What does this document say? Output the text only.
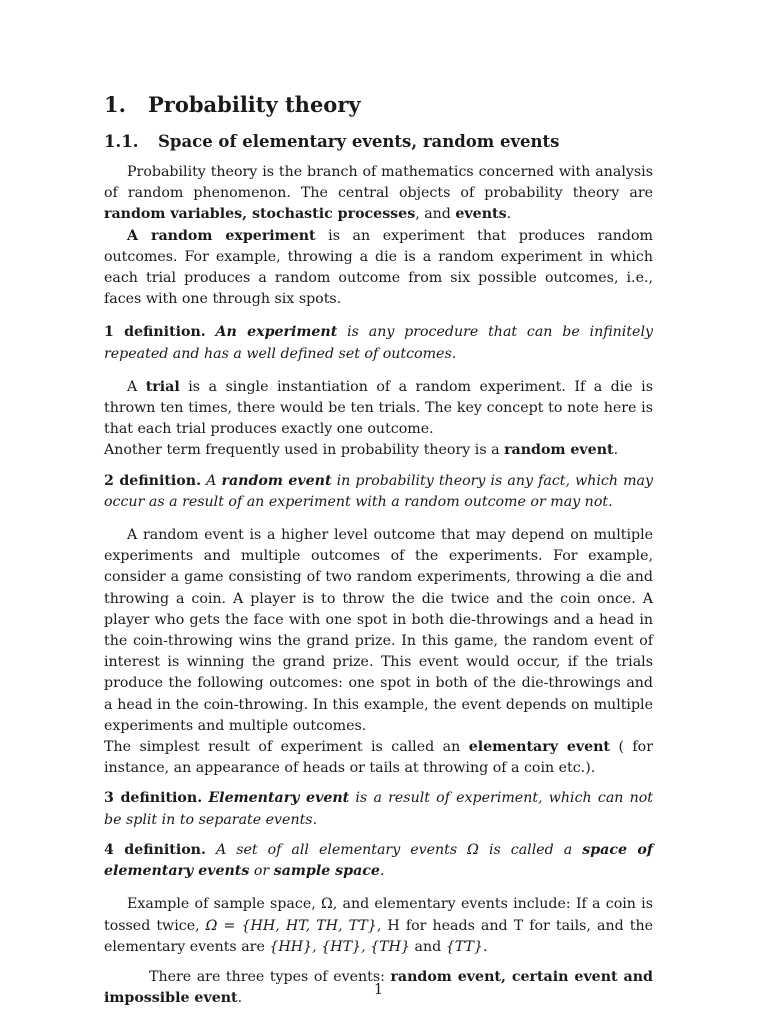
1. Probability theory
1.1. Space of elementary events, random events

Probability theory is the branch of mathematics concerned with analysis of random phenomenon. The central objects of probability theory are random variables, stochastic processes, and events.

A random experiment is an experiment that produces random outcomes. For example, throwing a die is a random experiment in which each trial produces a random outcome from six possible outcomes, i.e., faces with one through six spots.

1 definition. An experiment is any procedure that can be infinitely repeated and has a well defined set of outcomes.

A trial is a single instantiation of a random experiment. If a die is thrown ten times, there would be ten trials. The key concept to note here is that each trial produces exactly one outcome.

Another term frequently used in probability theory is a random event.

2 definition. A random event in probability theory is any fact, which may occur as a result of an experiment with a random outcome or may not.

A random event is a higher level outcome that may depend on multiple experiments and multiple outcomes of the experiments. For example, consider a game consisting of two random experiments, throwing a die and throwing a coin. A player is to throw the die twice and the coin once. A player who gets the face with one spot in both die-throwings and a head in the coin-throwing wins the grand prize. In this game, the random event of interest is winning the grand prize. This event would occur, if the trials produce the following outcomes: one spot in both of the die-throwings and a head in the coin-throwing. In this example, the event depends on multiple experiments and multiple outcomes.

The simplest result of experiment is called an elementary event ( for instance, an appearance of heads or tails at throwing of a coin etc.).

3 definition. Elementary event is a result of experiment, which can not be split in to separate events.

4 definition. A set of all elementary events Ω is called a space of elementary events or sample space.

Example of sample space, Ω, and elementary events include: If a coin is tossed twice, Ω = {HH, HT, TH, TT}, H for heads and T for tails, and the elementary events are {HH}, {HT}, {TH} and {TT}.

There are three types of events: random event, certain event and impossible event.

1
